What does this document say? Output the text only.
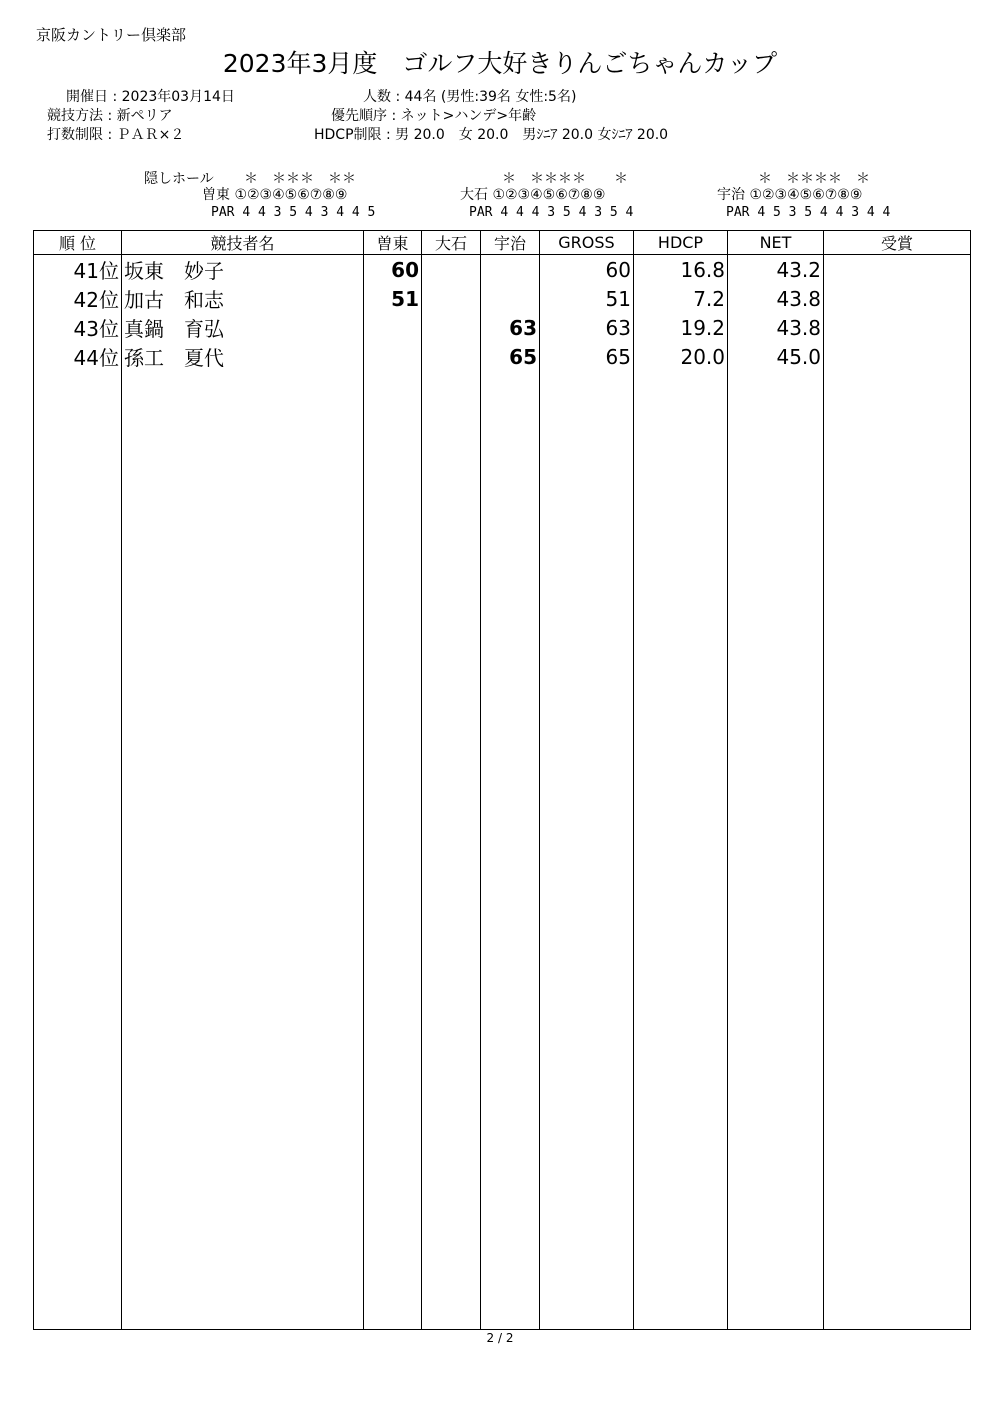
京阪カントリー倶楽部
2023年3月度　ゴルフ大好きりんごちゃんカップ
開催日 : 2023年03月14日
競技方法 : 新ペリア
打数制限 : ＰＡＲ×２
人数 : 44名 (男性:39名 女性:5名)
優先順序 : ネット>ハンデ>年齢
HDCP制限 : 男 20.0　女 20.0　男ｼﾆｱ 20.0 女ｼﾆｱ 20.0
隠しホール ＊　＊＊＊　＊＊
曽東 ①②③④⑤⑥⑦⑧⑨
PAR 4 4 3 5 4 3 4 4 5
＊　＊＊＊＊　　＊
大石 ①②③④⑤⑥⑦⑧⑨
PAR 4 4 4 3 5 4 3 5 4
＊　＊＊＊＊　＊
宇治 ①②③④⑤⑥⑦⑧⑨
PAR 4 5 3 5 4 4 3 4 4
順 位	競技者名	曽東	大石	宇治	GROSS	HDCP	NET	受賞
41位	坂東　妙子	60			60	16.8	43.2	
42位	加古　和志	51			51	7.2	43.8	
43位	真鍋　育弘			63	63	19.2	43.8	
44位	孫工　夏代			65	65	20.0	45.0	

2 / 2
